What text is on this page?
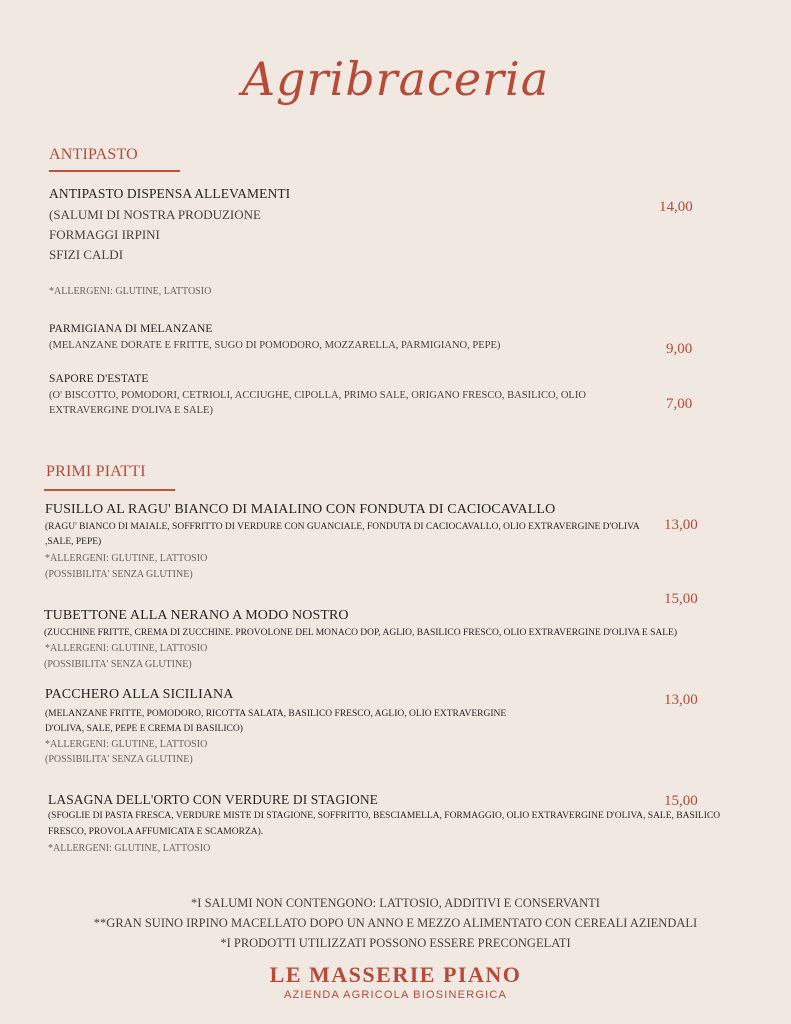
Agribraceria
ANTIPASTO
ANTIPASTO DISPENSA ALLEVAMENTI
(SALUMI DI NOSTRA PRODUZIONE
FORMAGGI IRPINI
SFIZI CALDI
*ALLERGENI: GLUTINE, LATTOSIO
14,00
PARMIGIANA DI MELANZANE
(MELANZANE DORATE E FRITTE, SUGO DI POMODORO, MOZZARELLA, PARMIGIANO, PEPE)	9,00
SAPORE D'ESTATE
(O' BISCOTTO, POMODORI, CETRIOLI, ACCIUGHE, CIPOLLA, PRIMO SALE, ORIGANO FRESCO, BASILICO, OLIO
EXTRAVERGINE D'OLIVA E SALE)	7,00
PRIMI PIATTI
FUSILLO AL RAGU' BIANCO DI MAIALINO CON FONDUTA DI CACIOCAVALLO
(RAGU' BIANCO DI MAIALE, SOFFRITTO DI VERDURE CON GUANCIALE, FONDUTA DI CACIOCAVALLO, OLIO EXTRAVERGINE D'OLIVA
,SALE, PEPE)
*ALLERGENI: GLUTINE, LATTOSIO
(POSSIBILITA' SENZA GLUTINE)
13,00
15,00
TUBETTONE ALLA NERANO A MODO NOSTRO
(ZUCCHINE FRITTE, CREMA DI ZUCCHINE. PROVOLONE DEL MONACO DOP, AGLIO, BASILICO FRESCO, OLIO EXTRAVERGINE D'OLIVA E SALE)
*ALLERGENI: GLUTINE, LATTOSIO
(POSSIBILITA' SENZA GLUTINE)
PACCHERO ALLA SICILIANA
(MELANZANE FRITTE, POMODORO, RICOTTA SALATA, BASILICO FRESCO, AGLIO, OLIO EXTRAVERGINE
D'OLIVA, SALE, PEPE E CREMA DI BASILICO)
*ALLERGENI: GLUTINE, LATTOSIO
(POSSIBILITA' SENZA GLUTINE)
13,00
LASAGNA DELL'ORTO CON VERDURE DI STAGIONE
(SFOGLIE DI PASTA FRESCA, VERDURE MISTE DI STAGIONE, SOFFRITTO, BESCIAMELLA, FORMAGGIO, OLIO EXTRAVERGINE D'OLIVA, SALE, BASILICO
FRESCO, PROVOLA AFFUMICATA E SCAMORZA).
*ALLERGENI: GLUTINE, LATTOSIO
15,00
*I SALUMI NON CONTENGONO: LATTOSIO, ADDITIVI E CONSERVANTI
**GRAN SUINO IRPINO MACELLATO DOPO UN ANNO E MEZZO ALIMENTATO CON CEREALI AZIENDALI
*I PRODOTTI UTILIZZATI POSSONO ESSERE PRECONGELATI
LE MASSERIE PIANO
AZIENDA AGRICOLA BIOSINERGICA
